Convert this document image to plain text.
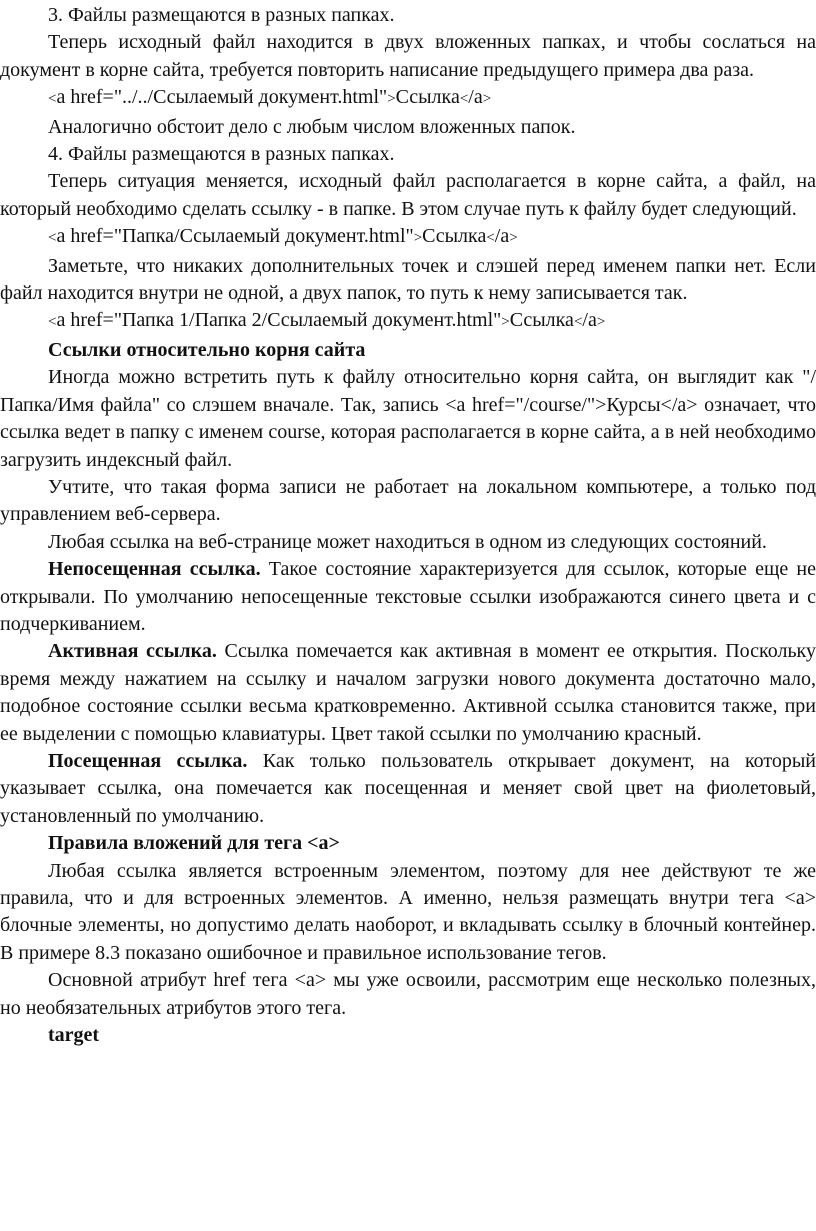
3. Файлы размещаются в разных папках.

Теперь исходный файл находится в двух вложенных папках, и чтобы сослаться на документ в корне сайта, требуется повторить написание предыдущего примера два раза.

<a href="../../Ссылаемый документ.html">Ссылка</a>

Аналогично обстоит дело с любым числом вложенных папок.

4. Файлы размещаются в разных папках.

Теперь ситуация меняется, исходный файл располагается в корне сайта, а файл, на который необходимо сделать ссылку - в папке. В этом случае путь к файлу будет следующий.

<a href="Папка/Ссылаемый документ.html">Ссылка</a>

Заметьте, что никаких дополнительных точек и слэшей перед именем папки нет. Если файл находится внутри не одной, а двух папок, то путь к нему записывается так.

<a href="Папка 1/Папка 2/Ссылаемый документ.html">Ссылка</a>

Ссылки относительно корня сайта

Иногда можно встретить путь к файлу относительно корня сайта, он выглядит как "/Папка/Имя файла" со слэшем вначале. Так, запись <a href="/course/">Курсы</a> означает, что ссылка ведет в папку с именем course, которая располагается в корне сайта, а в ней необходимо загрузить индексный файл.

Учтите, что такая форма записи не работает на локальном компьютере, а только под управлением веб-сервера.

Любая ссылка на веб-странице может находиться в одном из следующих состояний.

Непосещенная ссылка. Такое состояние характеризуется для ссылок, которые еще не открывали. По умолчанию непосещенные текстовые ссылки изображаются синего цвета и с подчеркиванием.

Активная ссылка. Ссылка помечается как активная в момент ее открытия. Поскольку время между нажатием на ссылку и началом загрузки нового документа достаточно мало, подобное состояние ссылки весьма кратковременно. Активной ссылка становится также, при ее выделении с помощью клавиатуры. Цвет такой ссылки по умолчанию красный.

Посещенная ссылка. Как только пользователь открывает документ, на который указывает ссылка, она помечается как посещенная и меняет свой цвет на фиолетовый, установленный по умолчанию.

Правила вложений для тега <a>

Любая ссылка является встроенным элементом, поэтому для нее действуют те же правила, что и для встроенных элементов. А именно, нельзя размещать внутри тега <a> блочные элементы, но допустимо делать наоборот, и вкладывать ссылку в блочный контейнер. В примере 8.3 показано ошибочное и правильное использование тегов.

Основной атрибут href тега <a> мы уже освоили, рассмотрим еще несколько полезных, но необязательных атрибутов этого тега.

target
